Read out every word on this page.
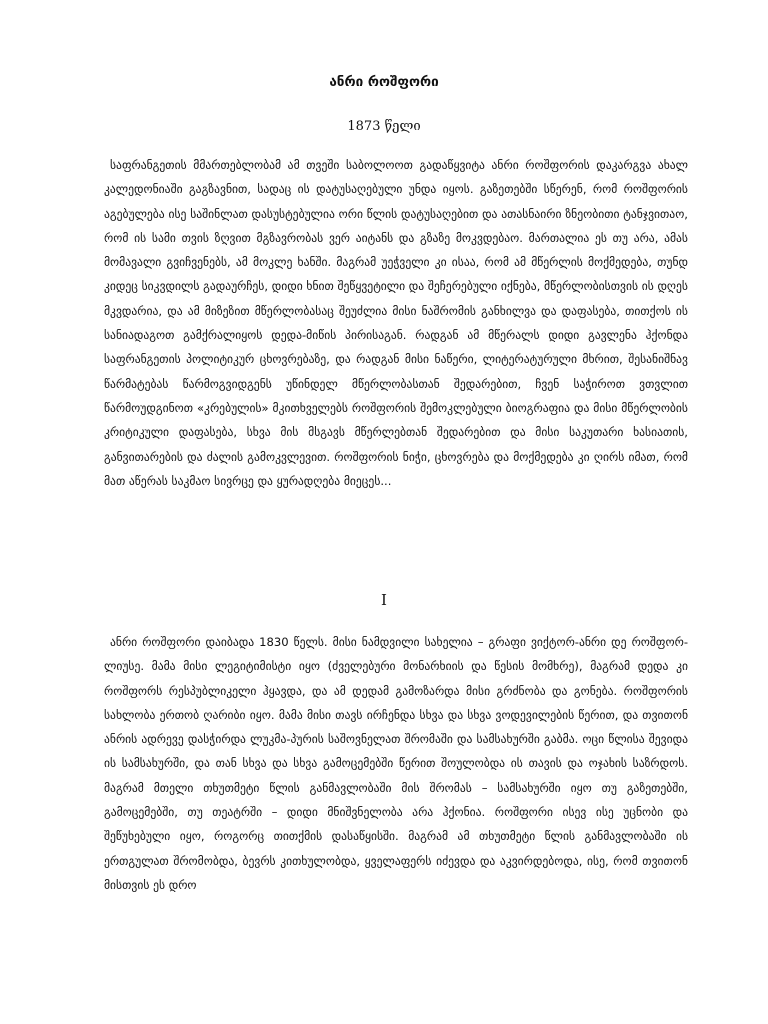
ანრი როშფორი
1873 წელი

საფრანგეთის მმართებლობამ ამ თვეში საბოლოოთ გადაწყვიტა ანრი როშფორის დაკარგვა ახალ კალედონიაში გაგზავნით, სადაც ის დატუსაღებული უნდა იყოს. გაზეთებში სწერენ, რომ როშფორის აგებულება ისე საშინლათ დასუსტებულია ორი წლის დატუსაღებით და ათასნაირი ზნეობითი ტანჯვითაო, რომ ის სამი თვის ზღვით მგზავრობას ვერ აიტანს და გზაზე მოკვდებაო. მართალია ეს თუ არა, ამას მომავალი გვიჩვენებს, ამ მოკლე ხანში. მაგრამ უეჭველი კი ისაა, რომ ამ მწერლის მოქმედება, თუნდ კიდეც სიკვდილს გადაურჩეს, დიდი ხნით შეწყვეტილი და შეჩერებული იქნება, მწერლობისთვის ის დღეს მკვდარია, და ამ მიზეზით მწერლობასაც შეუძლია მისი ნაშრომის განხილვა და დაფასება, თითქოს ის სანიადაგოთ გამქრალიყოს დედა-მიწის პირისაგან. რადგან ამ მწერალს დიდი გავლენა ჰქონდა საფრანგეთის პოლიტიკურ ცხოვრებაზე, და რადგან მისი ნაწერი, ლიტერატურული მხრით, შესანიშნავ წარმატებას წარმოგვიდგენს უწინდელ მწერლობასთან შედარებით, ჩვენ საჭიროთ ვთვლით წარმოუდგინოთ «კრებულის» მკითხველებს როშფორის შემოკლებული ბიოგრაფია და მისი მწერლობის კრიტიკული დაფასება, სხვა მის მსგავს მწერლებთან შედარებით და მისი საკუთარი ხასიათის, განვითარების და ძალის გამოკვლევით. როშფორის ნიჭი, ცხოვრება და მოქმედება კი ღირს იმათ, რომ მათ აწერას საკმაო სივრცე და ყურადღება მიეცეს...

I

ანრი როშფორი დაიბადა 1830 წელს. მისი ნამდვილი სახელია – გრაფი ვიქტორ-ანრი დე როშფორ-ლიუსე. მამა მისი ლეგიტიმისტი იყო (ძველებური მონარხიის და წესის მომხრე), მაგრამ დედა კი როშფორს რესპუბლიკელი ჰყავდა, და ამ დედამ გამოზარდა მისი გრძნობა და გონება. როშფორის სახლობა ერთობ ღარიბი იყო. მამა მისი თავს ირჩენდა სხვა და სხვა ვოდევილების წერით, და თვითონ ანრის ადრევე დასჭირდა ლუკმა-პურის საშოვნელათ შრომაში და სამსახურში გაბმა. ოცი წლისა შევიდა ის სამსახურში, და თან სხვა და სხვა გამოცემებში წერით შოულობდა ის თავის და ოჯახის საზრდოს. მაგრამ მთელი თხუთმეტი წლის განმავლობაში მის შრომას – სამსახურში იყო თუ გაზეთებში, გამოცემებში, თუ თეატრში – დიდი მნიშვნელობა არა ჰქონია. როშფორი ისევ ისე უცნობი და შეწუხებული იყო, როგორც თითქმის დასაწყისში. მაგრამ ამ თხუთმეტი წლის განმავლობაში ის ერთგულათ შრომობდა, ბევრს კითხულობდა, ყველაფერს იძევდა და აკვირდებოდა, ისე, რომ თვითონ მისთვის ეს დრო
